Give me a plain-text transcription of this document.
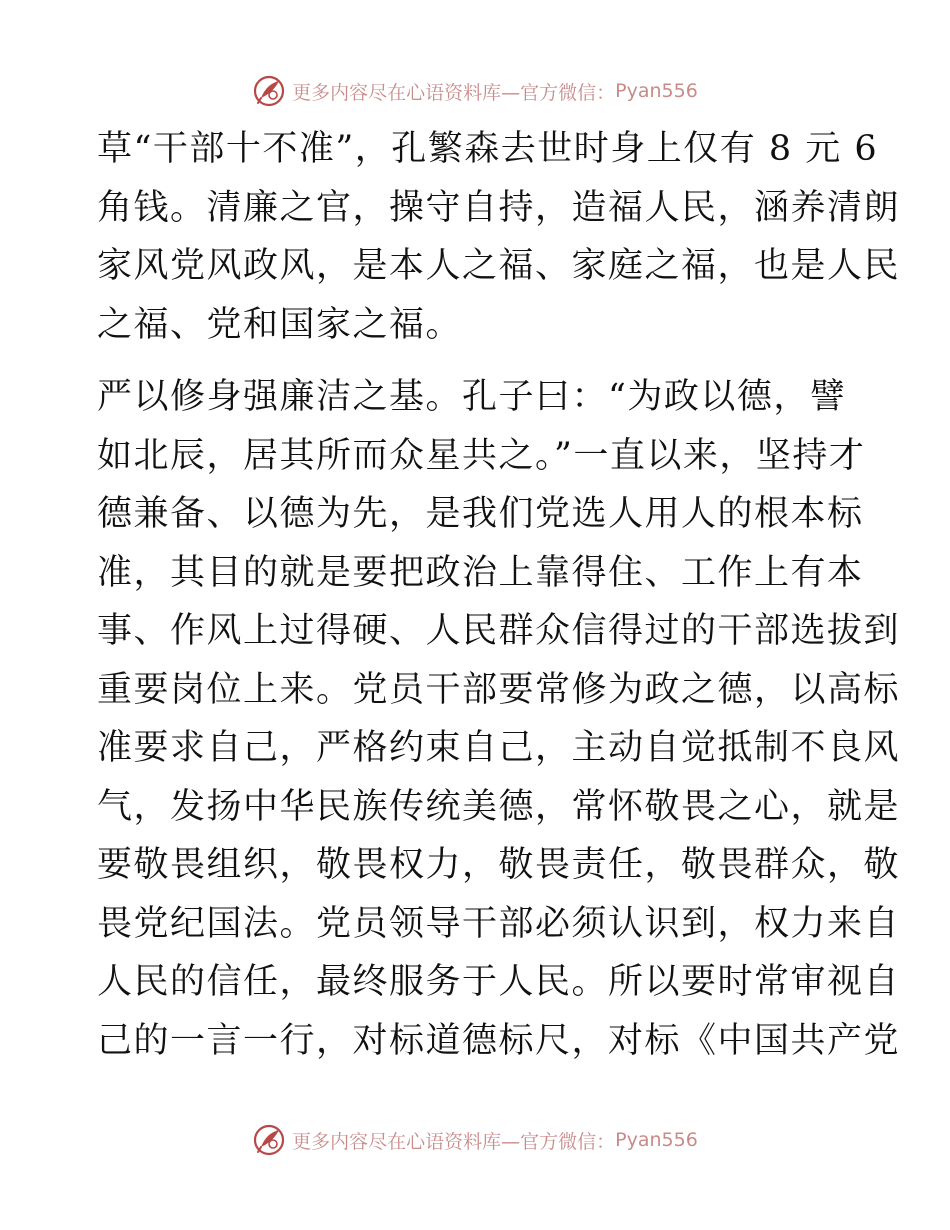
更多内容尽在心语资料库—官方微信： Pyan556

草“干部十不准”，孔繁森去世时身上仅有 8 元 6
角钱。清廉之官，操守自持，造福人民，涵养清朗
家风党风政风，是本人之福、家庭之福，也是人民
之福、党和国家之福。

严以修身强廉洁之基。孔子曰：“为政以德，譬
如北辰，居其所而众星共之。”一直以来，坚持才
德兼备、以德为先，是我们党选人用人的根本标
准，其目的就是要把政治上靠得住、工作上有本
事、作风上过得硬、人民群众信得过的干部选拔到
重要岗位上来。党员干部要常修为政之德，以高标
准要求自己，严格约束自己，主动自觉抵制不良风
气，发扬中华民族传统美德，常怀敬畏之心，就是
要敬畏组织，敬畏权力，敬畏责任，敬畏群众，敬
畏党纪国法。党员领导干部必须认识到，权力来自
人民的信任，最终服务于人民。所以要时常审视自
己的一言一行，对标道德标尺，对标《中国共产党

更多内容尽在心语资料库—官方微信： Pyan556
